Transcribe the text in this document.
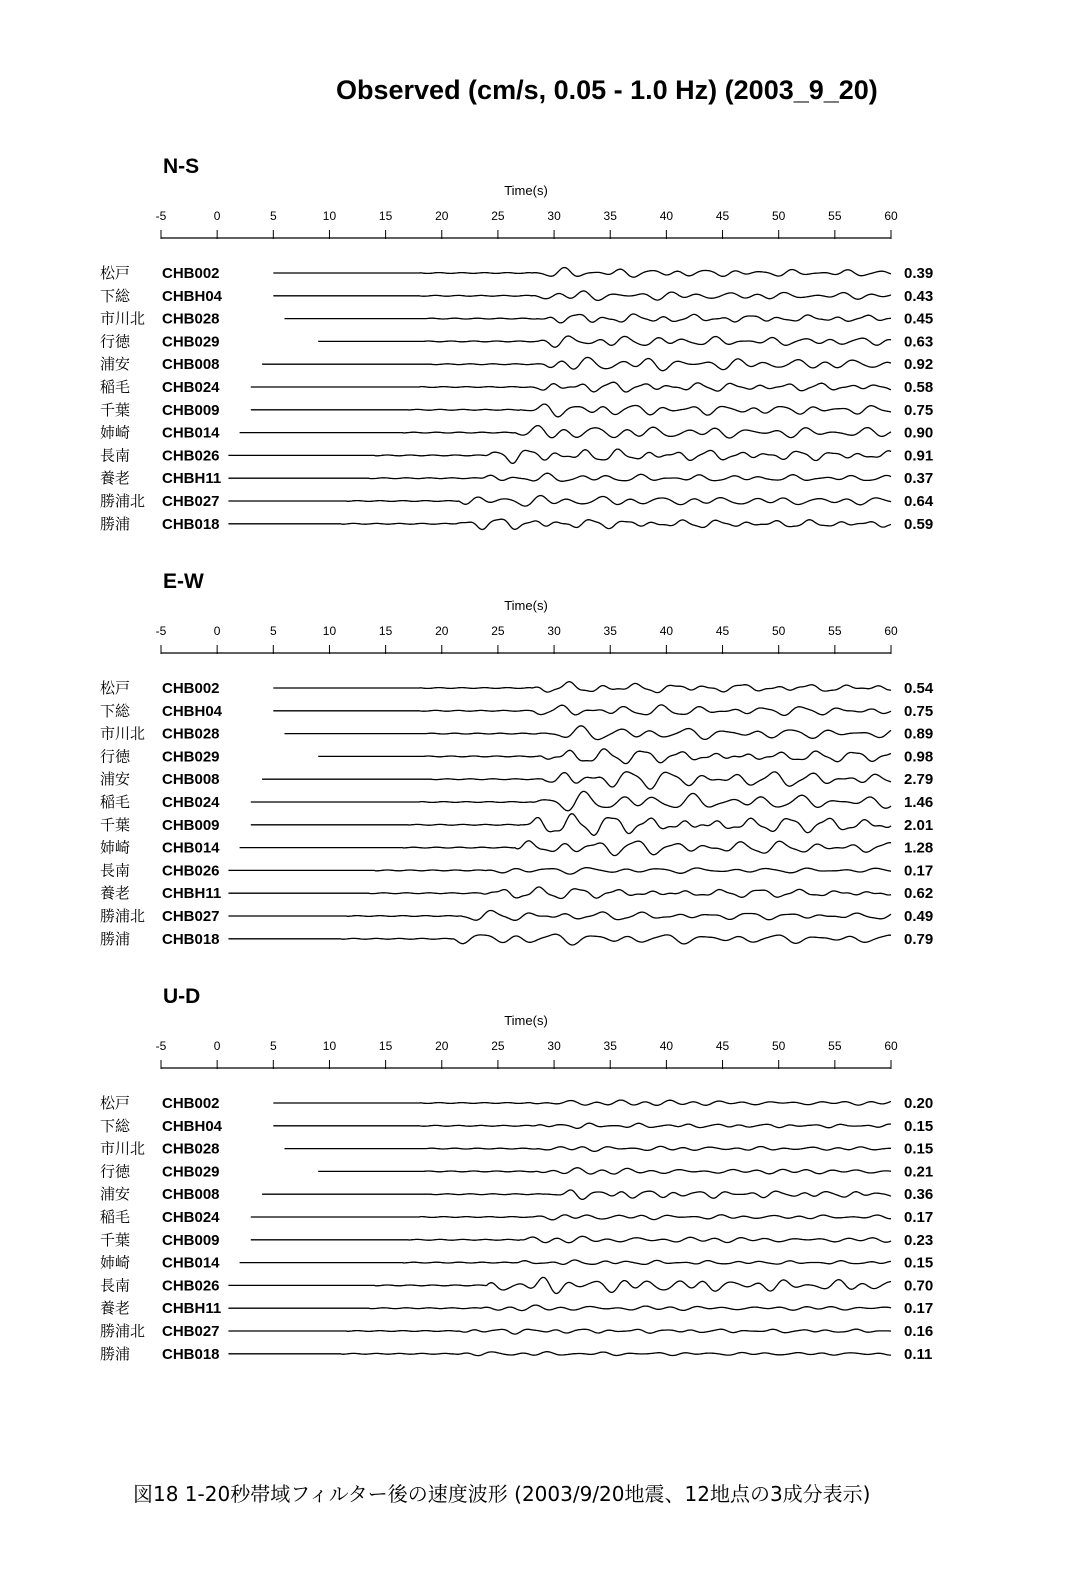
Observed (cm/s, 0.05 - 1.0 Hz) (2003_9_20)
N-S
Time(s)
-5	0	5	10	15	20	25	30	35	40	45	50	55	60
松戸 CHB002	0.39
下総 CHBH04	0.43
市川北 CHB028	0.45
行徳 CHB029	0.63
浦安 CHB008	0.92
稲毛 CHB024	0.58
千葉 CHB009	0.75
姉崎 CHB014	0.90
長南 CHB026	0.91
養老 CHBH11	0.37
勝浦北 CHB027	0.64
勝浦 CHB018	0.59
E-W
Time(s)
-5	0	5	10	15	20	25	30	35	40	45	50	55	60
松戸 CHB002	0.54
下総 CHBH04	0.75
市川北 CHB028	0.89
行徳 CHB029	0.98
浦安 CHB008	2.79
稲毛 CHB024	1.46
千葉 CHB009	2.01
姉崎 CHB014	1.28
長南 CHB026	0.17
養老 CHBH11	0.62
勝浦北 CHB027	0.49
勝浦 CHB018	0.79
U-D
Time(s)
-5	0	5	10	15	20	25	30	35	40	45	50	55	60
松戸 CHB002	0.20
下総 CHBH04	0.15
市川北 CHB028	0.15
行徳 CHB029	0.21
浦安 CHB008	0.36
稲毛 CHB024	0.17
千葉 CHB009	0.23
姉崎 CHB014	0.15
長南 CHB026	0.70
養老 CHBH11	0.17
勝浦北 CHB027	0.16
勝浦 CHB018	0.11
図18 1-20秒帯域フィルター後の速度波形 (2003/9/20地震、12地点の3成分表示)
